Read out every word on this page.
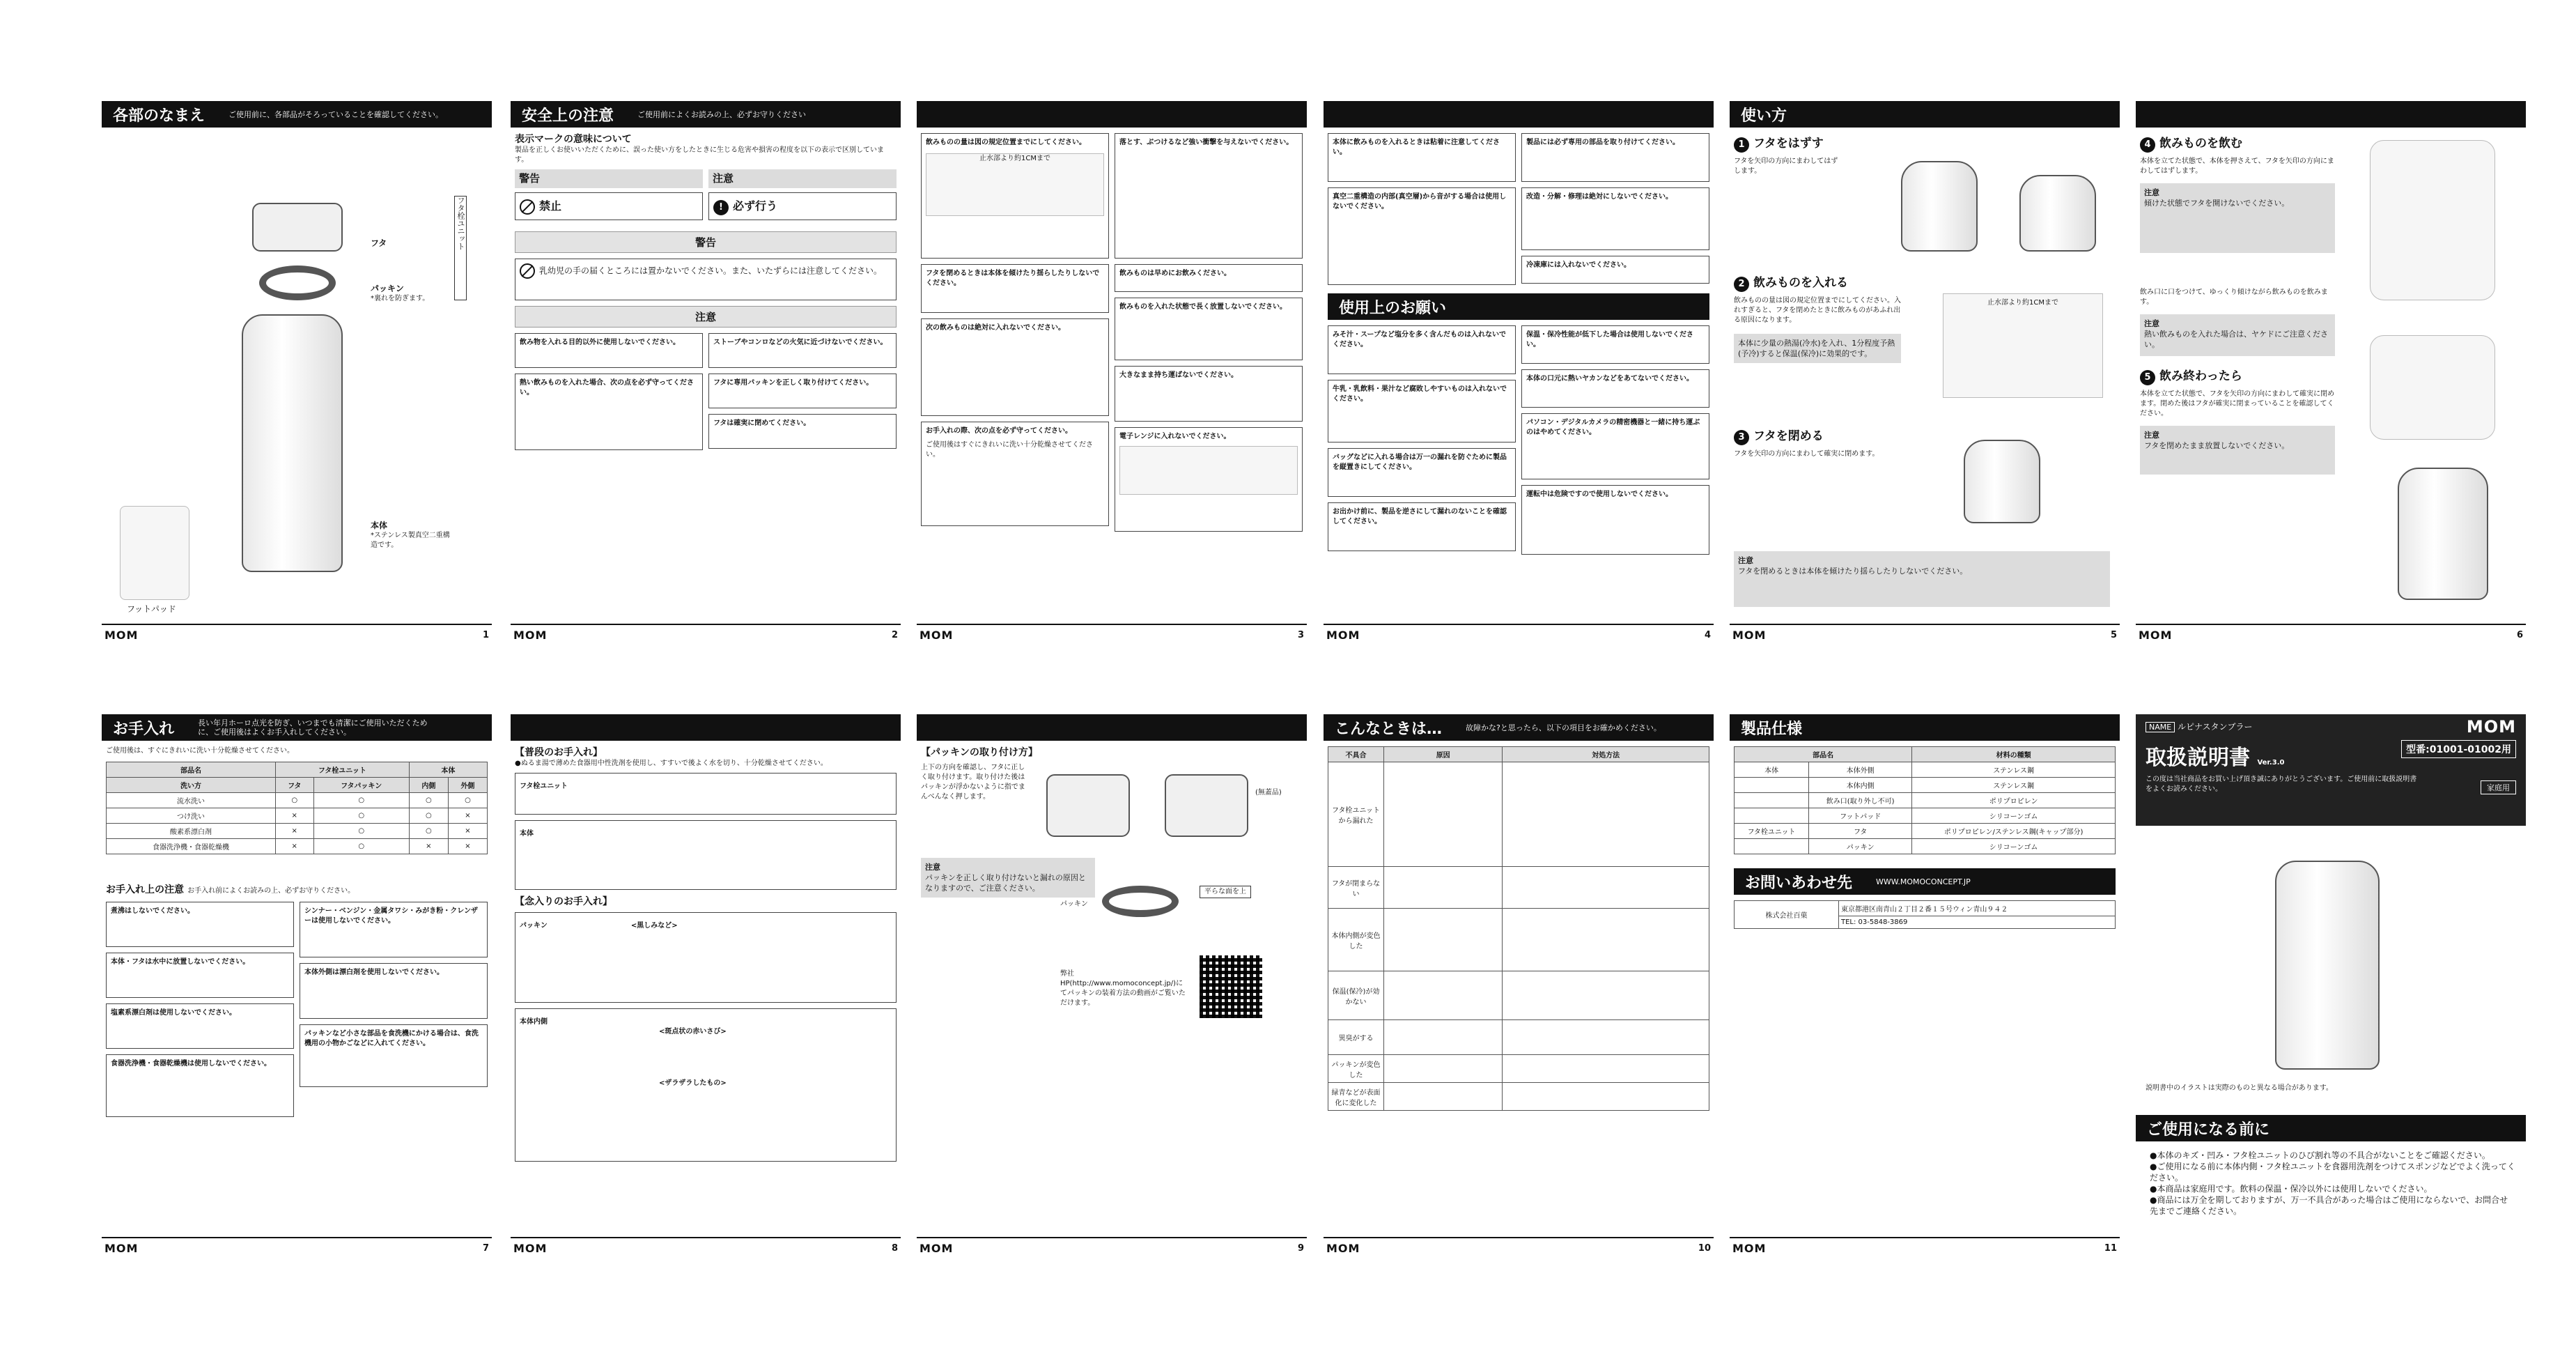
各部のなまえ	ご使用前に、各部品がそろっていることを確認してください。
フタ	フタ栓ユニット
パッキン
*裏れを防ぎます。
本体
*ステンレス製真空二重構造です。
フットパッド
MOM	1
安全上の注意	ご使用前によくお読みの上、必ずお守りください
表示マークの意味について
製品を正しくお使いいただくために、誤った使い方をしたときに生じる危害や損害の程度を以下の表示で区別しています。
警告	注意
禁止	! 必ず行う
警告
乳幼児の手の届くところには置かないでください。また、いたずらには注意してください。
注意
飲み物を入れる目的以外に使用しないでください。
熱い飲みものを入れた場合、次の点を必ず守ってください。
ストーブやコンロなどの火気に近づけないでください。
フタに専用パッキンを正しく取り付けてください。
フタは確実に閉めてください。
MOM	2
飲みものの量は図の規定位置までにしてください。
止水部より約1CMまで
フタを閉めるときは本体を傾けたり揺らしたりしないでください。
次の飲みものは絶対に入れないでください。
お手入れの際、次の点を必ず守ってください。
ご使用後はすぐにきれいに洗い十分乾燥させてください。
落とす、ぶつけるなど強い衝撃を与えないでください。
飲みものは早めにお飲みください。
飲みものを入れた状態で長く放置しないでください。
大きなまま持ち運ばないでください。
電子レンジに入れないでください。
MOM	3
本体に飲みものを入れるときは粘着に注意してください。
真空二重構造の内部(真空層)から音がする場合は使用しないでください。
製品には必ず専用の部品を取り付けてください。
改造・分解・修理は絶対にしないでください。
冷凍庫には入れないでください。
使用上のお願い
みそ汁・スープなど塩分を多く含んだものは入れないでください。
牛乳・乳飲料・果汁など腐敗しやすいものは入れないでください。
バッグなどに入れる場合は万一の漏れを防ぐために製品を縦置きにしてください。
お出かけ前に、製品を逆さにして漏れのないことを確認してください。
保温・保冷性能が低下した場合は使用しないでください。
本体の口元に熱いヤカンなどをあてないでください。
パソコン・デジタルカメラの精密機器と一緒に持ち運ぶのはやめてください。
運転中は危険ですので使用しないでください。
MOM	4
使い方
1 フタをはずす
フタを矢印の方向にまわしてはずします。
2 飲みものを入れる
飲みものの量は図の規定位置までにしてください。入れすぎると、フタを閉めたときに飲みものがあふれ出る原因になります。
本体に少量の熱湯(冷水)を入れ、1分程度予熱(予冷)すると保温(保冷)に効果的です。
止水部より約1CMまで
3 フタを閉める
フタを矢印の方向にまわして確実に閉めます。
注意
フタを閉めるときは本体を傾けたり揺らしたりしないでください。
MOM	5
4 飲みものを飲む
本体を立てた状態で、本体を押さえて、フタを矢印の方向にまわしてはずします。
注意
傾けた状態でフタを開けないでください。
飲み口に口をつけて、ゆっくり傾けながら飲みものを飲みます。
注意
熱い飲みものを入れた場合は、ヤケドにご注意ください。
5 飲み終わったら
本体を立てた状態で、フタを矢印の方向にまわして確実に閉めます。閉めた後はフタが確実に閉まっていることを確認してください。
注意
フタを閉めたまま放置しないでください。
MOM	6
お手入れ	長い年月ホーロ点光を防ぎ、いつまでも清潔にご使用いただくために、ご使用後はよくお手入れしてください。
ご使用後は、すぐにきれいに洗い十分乾燥させてください。
部品名	フタ栓ユニット		本体	
洗い方	フタ	フタパッキン	内側	外側
流水洗い	○	○	○	○
つけ洗い	×	○	○	×
酸素系漂白剤	×	○	○	×
食器洗浄機・食器乾燥機	×	○	×	×
お手入れ上の注意 お手入れ前によくお読みの上、必ずお守りください。
煮沸はしないでください。
本体・フタは水中に放置しないでください。
塩素系漂白剤は使用しないでください。
食器洗浄機・食器乾燥機は使用しないでください。
シンナー・ベンジン・金属タワシ・みがき粉・クレンザーは使用しないでください。
本体外側は漂白剤を使用しないでください。
パッキンなど小さな部品を食洗機にかける場合は、食洗機用の小物かごなどに入れてください。
MOM	7
【普段のお手入れ】
●ぬるま湯で薄めた食器用中性洗剤を使用し、すすいで後よく水を切り、十分乾燥させてください。
フタ栓ユニット
本体
【念入りのお手入れ】
パッキン	<黒しみなど>
本体内側
<斑点状の赤いさび>
<ザラザラしたもの>
MOM	8
【パッキンの取り付け方】
上下の方向を確認し、フタに正しく取り付けます。取り付けた後はパッキンが浮かないように指でまんべんなく押します。
(無蓋品)
パッキン
平らな面を上
注意
パッキンを正しく取り付けないと漏れの原因となりますので、ご注意ください。
弊社HP(http://www.momoconcept.jp/)にてパッキンの装着方法の動画がご覧いただけます。
MOM	9
こんなときは…	故障かな?と思ったら、以下の項目をお確かめください。
不具合	原因	対処方法
フタ栓ユニットから漏れた		
フタが閉まらない		
本体内側が変色した		
保温(保冷)が効かない		
異臭がする		
パッキンが変色した		
緑青などが表面化に変化した		
MOM	10
製品仕様
部品名		材料の種類
本体	本体外側	ステンレス鋼
	本体内側	ステンレス鋼
	飲み口(取り外し不可)	ポリプロピレン
	フットパッド	シリコーンゴム
フタ栓ユニット	フタ	ポリプロピレン/ステンレス鋼(キャップ部分)
	パッキン	シリコーンゴム
お問いあわせ先	WWW.MOMOCONCEPT.JP
株式会社百菓	東京都港区南青山２丁目２番１５号ウィン青山９４２
TEL: 03-5848-3869
MOM	11
NAME ルピナスタンブラー	MOM
取扱説明書 Ver.3.0
型番:01001-01002用
この度は当社商品をお買い上げ頂き誠にありがとうございます。ご使用前に取扱説明書をよくお読みください。	家庭用
説明書中のイラストは実際のものと異なる場合があります。
ご使用になる前に
●本体のキズ・凹み・フタ栓ユニットのひび割れ等の不具合がないことをご確認ください。
●ご使用になる前に本体内側・フタ栓ユニットを食器用洗剤をつけてスポンジなどでよく洗ってください。
●本商品は家庭用です。飲料の保温・保冷以外には使用しないでください。
●商品には万全を期しておりますが、万一不具合があった場合はご使用にならないで、お問合せ先までご連絡ください。
